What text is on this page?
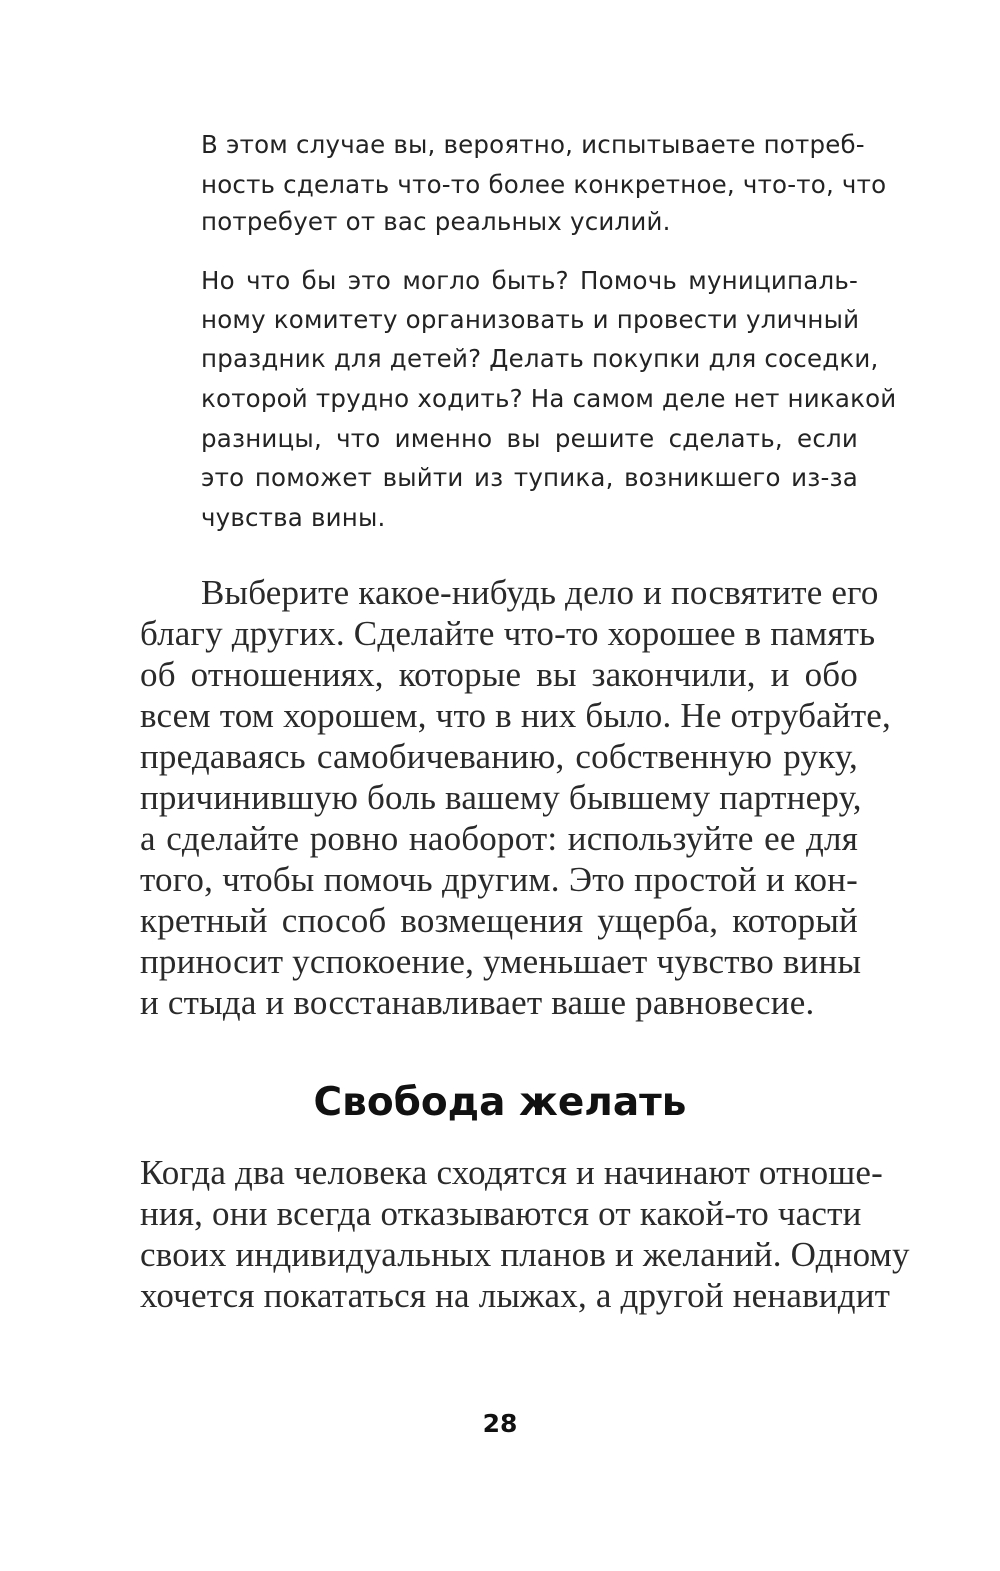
В этом случае вы, вероятно, испытываете потреб-

ность сделать что-то более конкретное, что-то, что

потребует от вас реальных усилий.

Но что бы это могло быть? Помочь муниципаль-

ному комитету организовать и провести уличный

праздник для детей? Делать покупки для соседки,

которой трудно ходить? На самом деле нет никакой

разницы, что именно вы решите сделать, если

это поможет выйти из тупика, возникшего из-за

чувства вины.

Выберите какое-нибудь дело и посвятите его

благу других. Сделайте что-то хорошее в память

об отношениях, которые вы закончили, и обо

всем том хорошем, что в них было. Не отрубайте,

предаваясь самобичеванию, собственную руку,

причинившую боль вашему бывшему партнеру,

а сделайте ровно наоборот: используйте ее для

того, чтобы помочь другим. Это простой и кон-

кретный способ возмещения ущерба, который

приносит успокоение, уменьшает чувство вины

и стыда и восстанавливает ваше равновесие.

Свобода желать

Когда два человека сходятся и начинают отноше-

ния, они всегда отказываются от какой-то части

своих индивидуальных планов и желаний. Одному

хочется покататься на лыжах, а другой ненавидит

28
